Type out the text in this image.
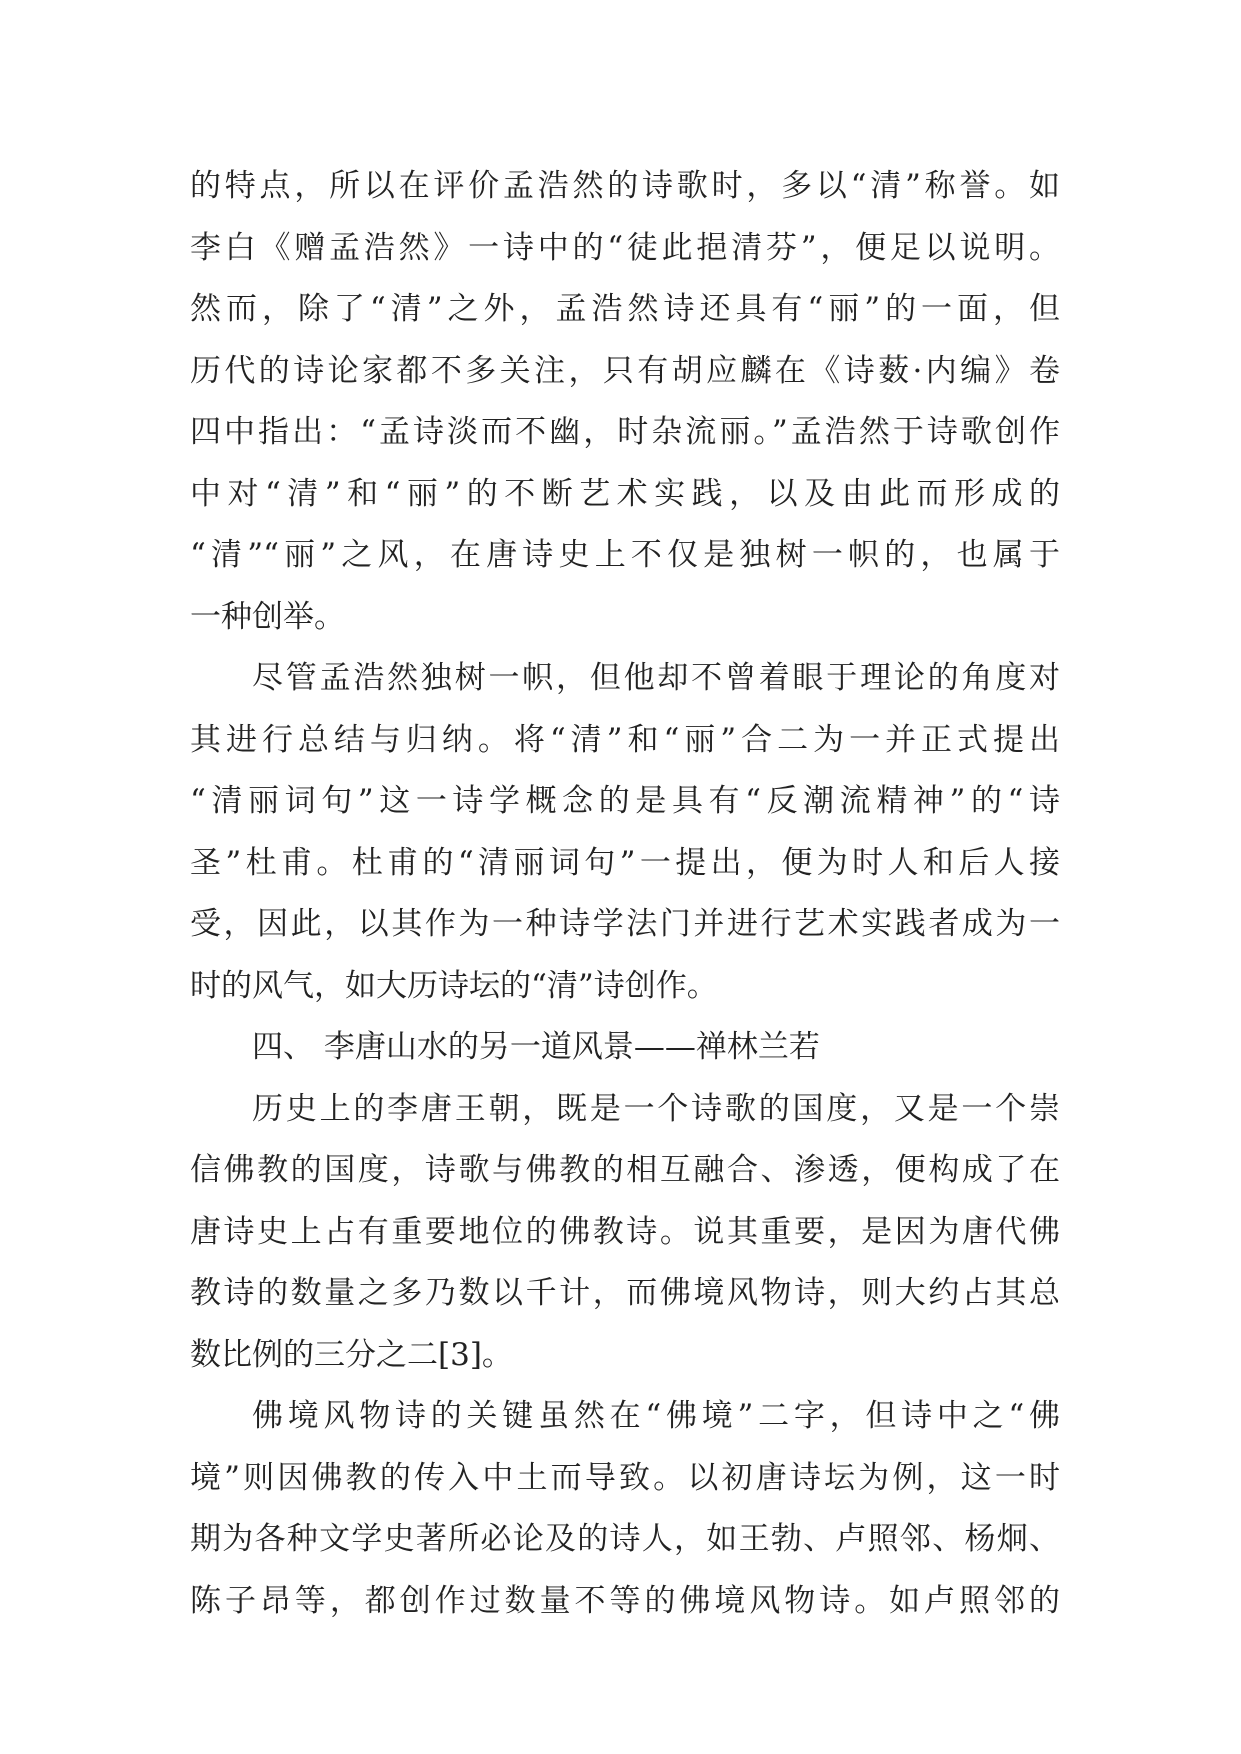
的特点，所以在评价孟浩然的诗歌时，多以“清”称誉。如
李白《赠孟浩然》一诗中的“徒此挹清芬”，便足以说明。
然而，除了“清”之外，孟浩然诗还具有“丽”的一面，但
历代的诗论家都不多关注，只有胡应麟在《诗薮·内编》卷
四中指出：“孟诗淡而不幽，时杂流丽。”孟浩然于诗歌创作
中对“清”和“丽”的不断艺术实践，以及由此而形成的
“清”“丽”之风，在唐诗史上不仅是独树一帜的，也属于
一种创举。
尽管孟浩然独树一帜，但他却不曾着眼于理论的角度对
其进行总结与归纳。将“清”和“丽”合二为一并正式提出
“清丽词句”这一诗学概念的是具有“反潮流精神”的“诗
圣”杜甫。杜甫的“清丽词句”一提出，便为时人和后人接
受，因此，以其作为一种诗学法门并进行艺术实践者成为一
时的风气，如大历诗坛的“清”诗创作。
四、 李唐山水的另一道风景——禅林兰若
历史上的李唐王朝，既是一个诗歌的国度，又是一个崇
信佛教的国度，诗歌与佛教的相互融合、渗透，便构成了在
唐诗史上占有重要地位的佛教诗。说其重要，是因为唐代佛
教诗的数量之多乃数以千计，而佛境风物诗，则大约占其总
数比例的三分之二[3]。
佛境风物诗的关键虽然在“佛境”二字，但诗中之“佛
境”则因佛教的传入中土而导致。以初唐诗坛为例，这一时
期为各种文学史著所必论及的诗人，如王勃、卢照邻、杨炯、
陈子昂等，都创作过数量不等的佛境风物诗。如卢照邻的
